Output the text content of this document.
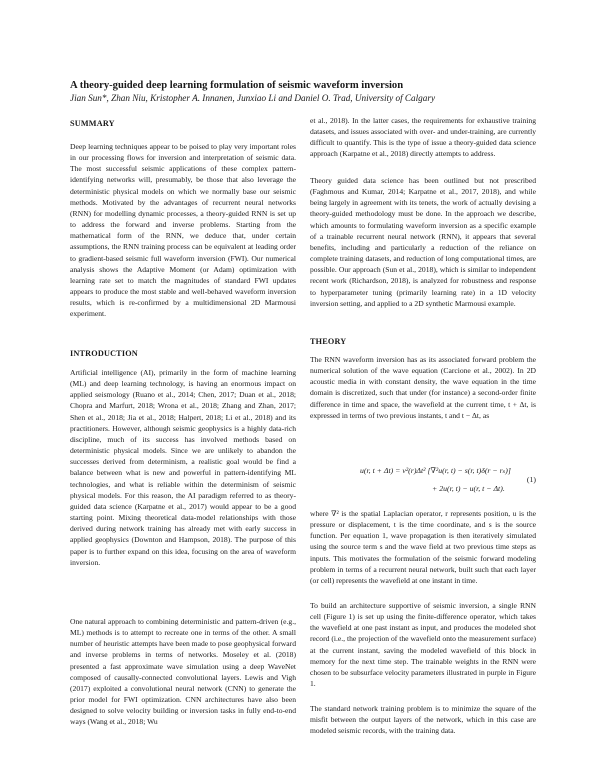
A theory-guided deep learning formulation of seismic waveform inversion
Jian Sun*, Zhan Niu, Kristopher A. Innanen, Junxiao Li and Daniel O. Trad, University of Calgary
SUMMARY

Deep learning techniques appear to be poised to play very important roles in our processing flows for inversion and interpretation of seismic data. The most successful seismic applications of these complex pattern-identifying networks will, presumably, be those that also leverage the deterministic physical models on which we normally base our seismic methods. Motivated by the advantages of recurrent neural networks (RNN) for modelling dynamic processes, a theory-guided RNN is set up to address the forward and inverse problems. Starting from the mathematical form of the RNN, we deduce that, under certain assumptions, the RNN training process can be equivalent at leading order to gradient-based seismic full waveform inversion (FWI). Our numerical analysis shows the Adaptive Moment (or Adam) optimization with learning rate set to match the magnitudes of standard FWI updates appears to produce the most stable and well-behaved waveform inversion results, which is re-confirmed by a multidimensional 2D Marmousi experiment.

INTRODUCTION

Artificial intelligence (AI), primarily in the form of machine learning (ML) and deep learning technology, is having an enormous impact on applied seismology (Ruano et al., 2014; Chen, 2017; Duan et al., 2018; Chopra and Marfurt, 2018; Wrona et al., 2018; Zhang and Zhan, 2017; Shen et al., 2018; Jia et al., 2018; Halpert, 2018; Li et al., 2018) and its practitioners. However, although seismic geophysics is a highly data-rich discipline, much of its success has involved methods based on deterministic physical models. Since we are unlikely to abandon the successes derived from determinism, a realistic goal would be find a balance between what is new and powerful in pattern-identifying ML technologies, and what is reliable within the determinism of seismic physical models. For this reason, the AI paradigm referred to as theory-guided data science (Karpatne et al., 2017) would appear to be a good starting point. Mixing theoretical data-model relationships with those derived during network training has already met with early success in applied geophysics (Downton and Hampson, 2018). The purpose of this paper is to further expand on this idea, focusing on the area of waveform inversion.

One natural approach to combining deterministic and pattern-driven (e.g., ML) methods is to attempt to recreate one in terms of the other. A small number of heuristic attempts have been made to pose geophysical forward and inverse problems in terms of networks. Moseley et al. (2018) presented a fast approximate wave simulation using a deep WaveNet composed of causally-connected convolutional layers. Lewis and Vigh (2017) exploited a convolutional neural network (CNN) to generate the prior model for FWI optimization. CNN architectures have also been designed to solve velocity building or inversion tasks in fully end-to-end ways (Wang et al., 2018; Wu

et al., 2018). In the latter cases, the requirements for exhaustive training datasets, and issues associated with over- and under-training, are currently difficult to quantify. This is the type of issue a theory-guided data science approach (Karpatne et al., 2018) directly attempts to address.

Theory guided data science has been outlined but not prescribed (Faghmous and Kumar, 2014; Karpatne et al., 2017, 2018), and while being largely in agreement with its tenets, the work of actually devising a theory-guided methodology must be done. In the approach we describe, which amounts to formulating waveform inversion as a specific example of a trainable recurrent neural network (RNN), it appears that several benefits, including and particularly a reduction of the reliance on complete training datasets, and reduction of long computational times, are possible. Our approach (Sun et al., 2018), which is similar to independent recent work (Richardson, 2018), is analyzed for robustness and response to hyperparameter tuning (primarily learning rate) in a 1D velocity inversion setting, and applied to a 2D synthetic Marmousi example.

THEORY

The RNN waveform inversion has as its associated forward problem the numerical solution of the wave equation (Carcione et al., 2002). In 2D acoustic media in with constant density, the wave equation in the time domain is discretized, such that under (for instance) a second-order finite difference in time and space, the wavefield at the current time, t + Δt, is expressed in terms of two previous instants, t and t − Δt, as

u(r, t + Δt) = v²(r)Δt² [∇²u(r, t) − s(r, t)δ(r − rₛ)]
+ 2u(r, t) − u(r, t − Δt).
(1)

where ∇² is the spatial Laplacian operator, r represents position, u is the pressure or displacement, t is the time coordinate, and s is the source function. Per equation 1, wave propagation is then iteratively simulated using the source term s and the wave field at two previous time steps as inputs. This motivates the formulation of the seismic forward modeling problem in terms of a recurrent neural network, built such that each layer (or cell) represents the wavefield at one instant in time.

To build an architecture supportive of seismic inversion, a single RNN cell (Figure 1) is set up using the finite-difference operator, which takes the wavefield at one past instant as input, and produces the modeled shot record (i.e., the projection of the wavefield onto the measurement surface) at the current instant, saving the modeled wavefield of this block in memory for the next time step. The trainable weights in the RNN were chosen to be subsurface velocity parameters illustrated in purple in Figure 1.

The standard network training problem is to minimize the square of the misfit between the output layers of the network, which in this case are modeled seismic records, with the training data.
